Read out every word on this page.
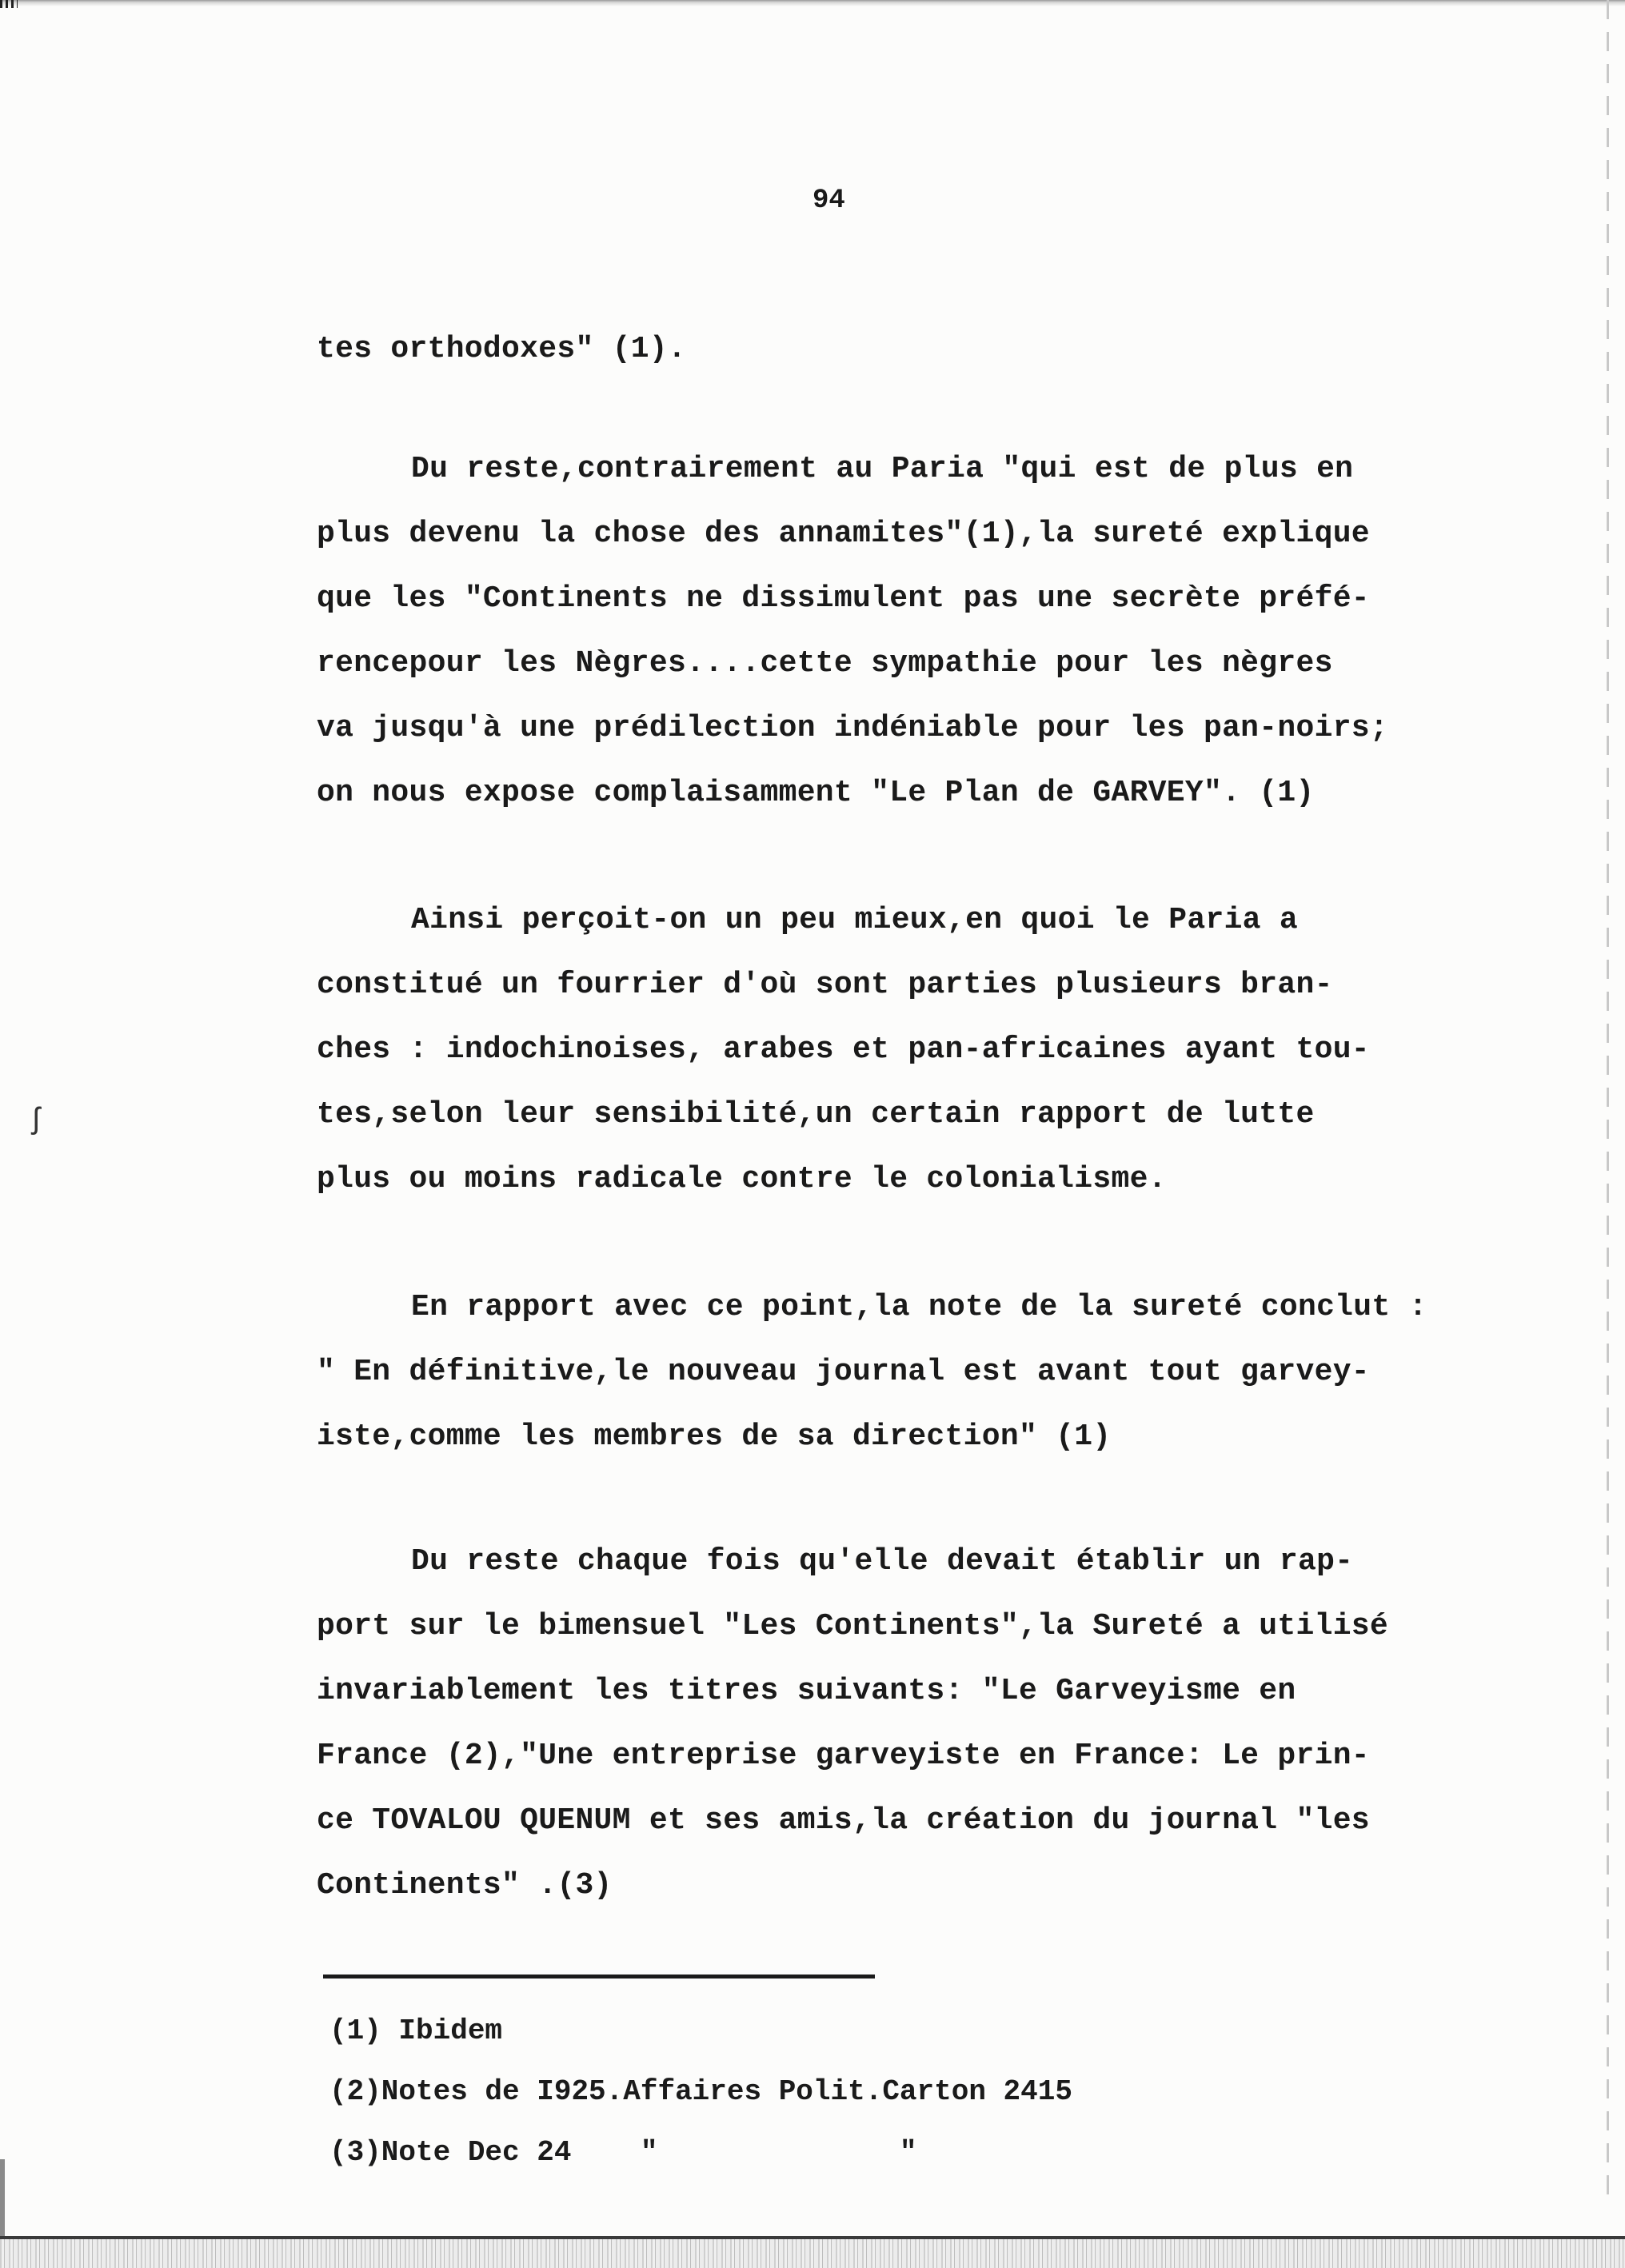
ʃ
94

tes orthodoxes" (1).

Du reste,contrairement au Paria "qui est de plus en

plus devenu la chose des annamites"(1),la sureté explique

que les "Continents ne dissimulent pas une secrète préfé-

rencepour les Nègres....cette sympathie pour les nègres

va jusqu'à une prédilection indéniable pour les pan-noirs;

on nous expose complaisamment "Le Plan de GARVEY". (1)

Ainsi perçoit-on un peu mieux,en quoi le Paria a

constitué un fourrier d'où sont parties plusieurs bran-

ches : indochinoises, arabes et pan-africaines ayant tou-

tes,selon leur sensibilité,un certain rapport de lutte

plus ou moins radicale contre le colonialisme.

En rapport avec ce point,la note de la sureté conclut :

" En définitive,le nouveau journal est avant tout garvey-

iste,comme les membres de sa direction" (1)

Du reste chaque fois qu'elle devait établir un rap-

port sur le bimensuel "Les Continents",la Sureté a utilisé

invariablement les titres suivants: "Le Garveyisme en

France (2),"Une entreprise garveyiste en France: Le prin-

ce TOVALOU QUENUM et ses amis,la création du journal "les

Continents" .(3)

(1) Ibidem

(2)Notes de I925.Affaires Polit.Carton 2415

(3)Note Dec 24    "              "
